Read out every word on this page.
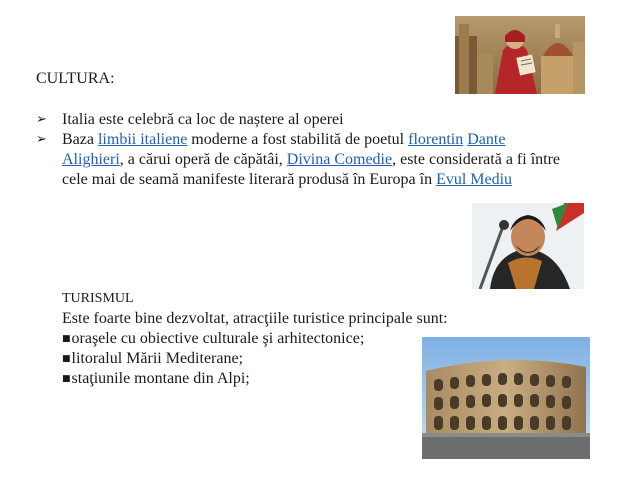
CULTURA:

➢ Italia este celebră ca loc de naștere al operei

➢ Baza limbii italiene moderne a fost stabilită de poetul florentin Dante
Alighieri, a cărui operă de căpătâi, Divina Comedie, este considerată a fi între
cele mai de seamă manifeste literară produsă în Europa în Evul Mediu

TURISMUL
Este foarte bine dezvoltat, atracţiile turistice principale sunt:
■oraşele cu obiective culturale şi arhitectonice;
■litoralul Mării Mediterane;
■staţiunile montane din Alpi;
